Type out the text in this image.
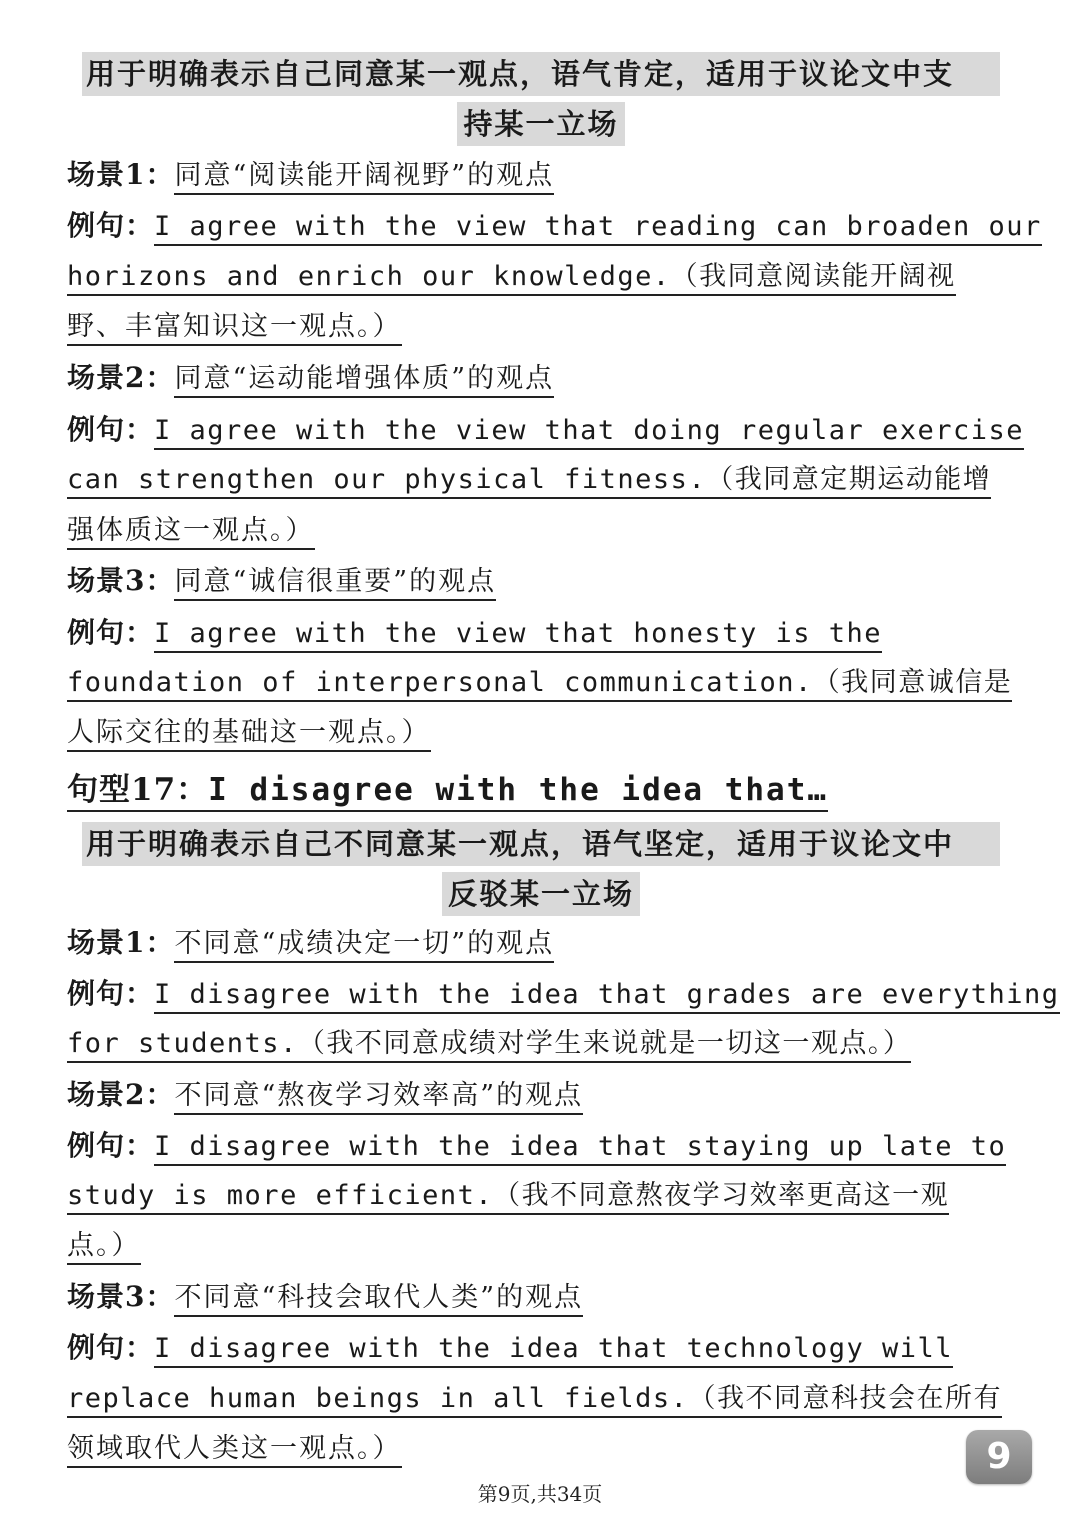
用于明确表示自己同意某一观点，语气肯定，适用于议论文中支
持某一立场
场景1：同意“阅读能开阔视野”的观点
例句：I agree with the view that reading can broaden our
horizons and enrich our knowledge.（我同意阅读能开阔视
野、丰富知识这一观点。）
场景2：同意“运动能增强体质”的观点
例句：I agree with the view that doing regular exercise
can strengthen our physical fitness.（我同意定期运动能增
强体质这一观点。）
场景3：同意“诚信很重要”的观点
例句：I agree with the view that honesty is the
foundation of interpersonal communication.（我同意诚信是
人际交往的基础这一观点。）
句型17：I disagree with the idea that…
用于明确表示自己不同意某一观点，语气坚定，适用于议论文中
反驳某一立场
场景1：不同意“成绩决定一切”的观点
例句：I disagree with the idea that grades are everything
for students.（我不同意成绩对学生来说就是一切这一观点。）
场景2：不同意“熬夜学习效率高”的观点
例句：I disagree with the idea that staying up late to
study is more efficient.（我不同意熬夜学习效率更高这一观
点。）
场景3：不同意“科技会取代人类”的观点
例句：I disagree with the idea that technology will
replace human beings in all fields.（我不同意科技会在所有
领域取代人类这一观点。）	9
第9页,共34页
